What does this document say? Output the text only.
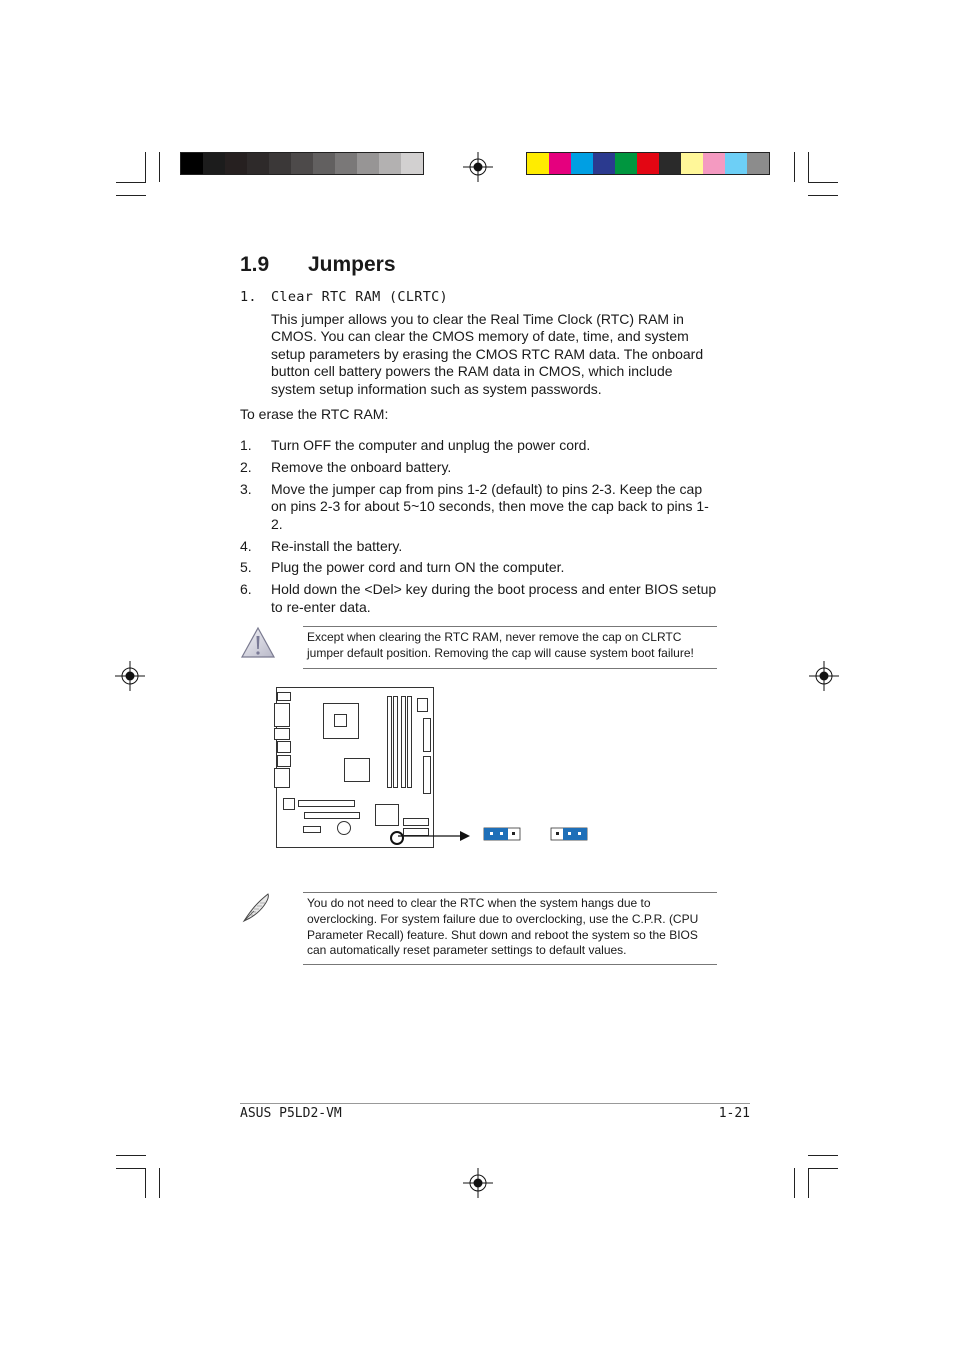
1.9 Jumpers
1. Clear RTC RAM (CLRTC)
This jumper allows you to clear the Real Time Clock (RTC) RAM in CMOS. You can clear the CMOS memory of date, time, and system setup parameters by erasing the CMOS RTC RAM data. The onboard button cell battery powers the RAM data in CMOS, which include system setup information such as system passwords.
To erase the RTC RAM:
1.	Turn OFF the computer and unplug the power cord.
2.	Remove the onboard battery.
3.	Move the jumper cap from pins 1-2 (default) to pins 2-3. Keep the cap on pins 2-3 for about 5~10 seconds, then move the cap back to pins 1-2.
4.	Re-install the battery.
5.	Plug the power cord and turn ON the computer.
6.	Hold down the <Del> key during the boot process and enter BIOS setup to re-enter data.
Except when clearing the RTC RAM, never remove the cap on CLRTC jumper default position. Removing the cap will cause system boot failure!
You do not need to clear the RTC when the system hangs due to overclocking. For system failure due to overclocking, use the C.P.R. (CPU Parameter Recall) feature. Shut down and reboot the system so the BIOS can automatically reset parameter settings to default values.
ASUS P5LD2-VM	1-21
